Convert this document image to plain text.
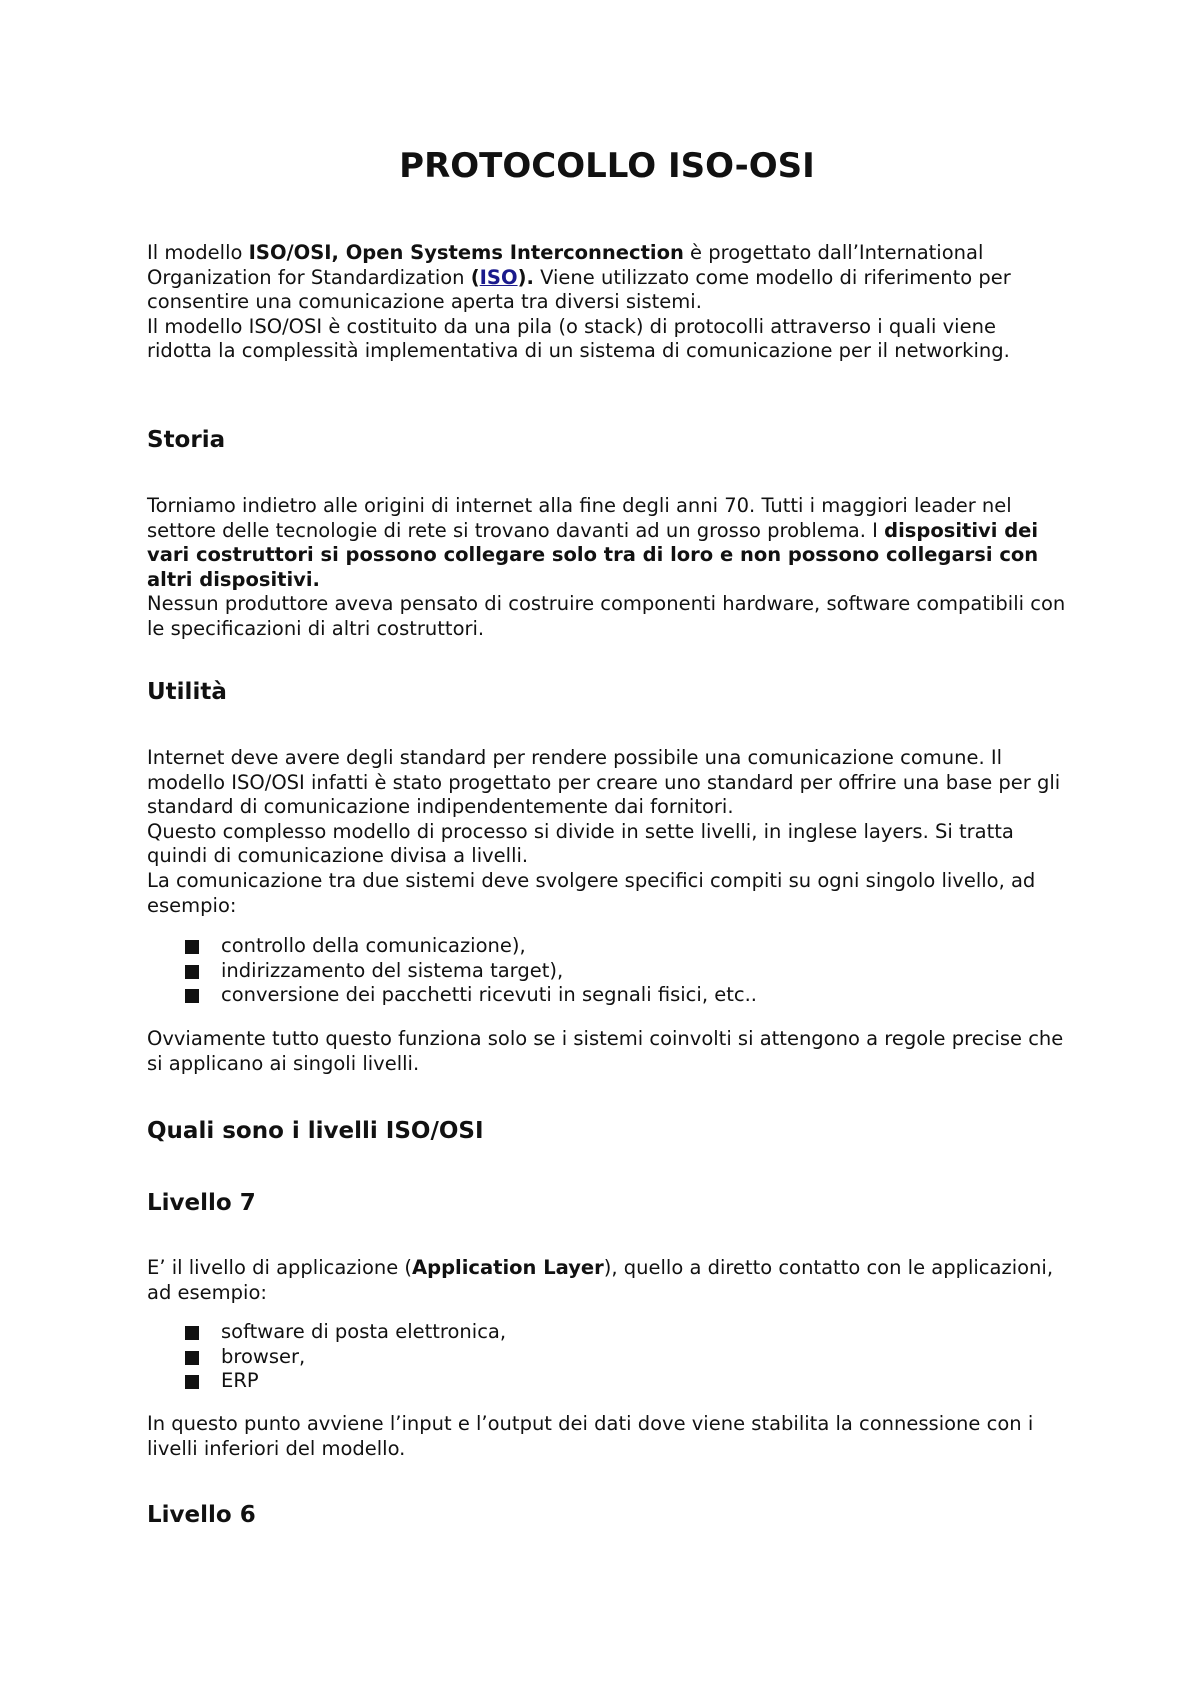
PROTOCOLLO ISO-OSI

Il modello ISO/OSI, Open Systems Interconnection è progettato dall’International Organization for Standardization (ISO). Viene utilizzato come modello di riferimento per consentire una comunicazione aperta tra diversi sistemi.

Il modello ISO/OSI è costituito da una pila (o stack) di protocolli attraverso i quali viene ridotta la complessità implementativa di un sistema di comunicazione per il networking.

Storia

Torniamo indietro alle origini di internet alla fine degli anni 70. Tutti i maggiori leader nel settore delle tecnologie di rete si trovano davanti ad un grosso problema. I dispositivi dei vari costruttori si possono collegare solo tra di loro e non possono collegarsi con altri dispositivi.

Nessun produttore aveva pensato di costruire componenti hardware, software compatibili con le specificazioni di altri costruttori.

Utilità

Internet deve avere degli standard per rendere possibile una comunicazione comune. Il modello ISO/OSI infatti è stato progettato per creare uno standard per offrire una base per gli standard di comunicazione indipendentemente dai fornitori.

Questo complesso modello di processo si divide in sette livelli, in inglese layers. Si tratta quindi di comunicazione divisa a livelli.

La comunicazione tra due sistemi deve svolgere specifici compiti su ogni singolo livello, ad esempio:

controllo della comunicazione),
indirizzamento del sistema target),
conversione dei pacchetti ricevuti in segnali fisici, etc..

Ovviamente tutto questo funziona solo se i sistemi coinvolti si attengono a regole precise che si applicano ai singoli livelli.

Quali sono i livelli ISO/OSI
Livello 7

E’ il livello di applicazione (Application Layer), quello a diretto contatto con le applicazioni, ad esempio:

software di posta elettronica,
browser,
ERP

In questo punto avviene l’input e l’output dei dati dove viene stabilita la connessione con i livelli inferiori del modello.

Livello 6
